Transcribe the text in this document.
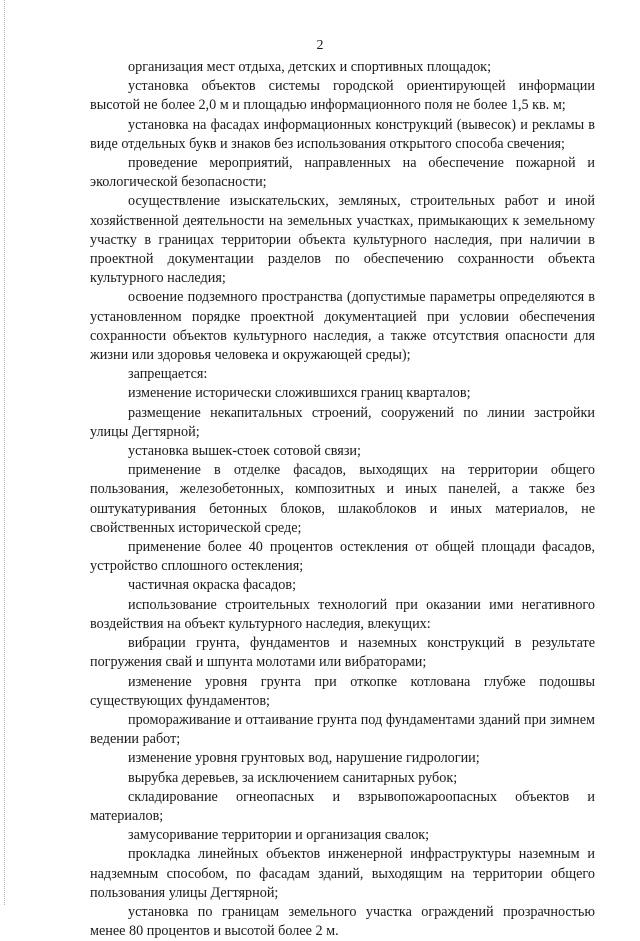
2

организация мест отдыха, детских и спортивных площадок;

установка объектов системы городской ориентирующей информации высотой не более 2,0 м и площадью информационного поля не более 1,5 кв. м;

установка на фасадах информационных конструкций (вывесок) и рекламы в виде отдельных букв и знаков без использования открытого способа свечения;

проведение мероприятий, направленных на обеспечение пожарной и экологической безопасности;

осуществление изыскательских, земляных, строительных работ и иной хозяйственной деятельности на земельных участках, примыкающих к земельному участку в границах территории объекта культурного наследия, при наличии в проектной документации разделов по обеспечению сохранности объекта культурного наследия;

освоение подземного пространства (допустимые параметры определяются в установленном порядке проектной документацией при условии обеспечения сохранности объектов культурного наследия, а также отсутствия опасности для жизни или здоровья человека и окружающей среды);

запрещается:

изменение исторически сложившихся границ кварталов;

размещение некапитальных строений, сооружений по линии застройки улицы Дегтярной;

установка вышек-стоек сотовой связи;

применение в отделке фасадов, выходящих на территории общего пользования, железобетонных, композитных и иных панелей, а также без оштукатуривания бетонных блоков, шлакоблоков и иных материалов, не свойственных исторической среде;

применение более 40 процентов остекления от общей площади фасадов, устройство сплошного остекления;

частичная окраска фасадов;

использование строительных технологий при оказании ими негативного воздействия на объект культурного наследия, влекущих:

вибрации грунта, фундаментов и наземных конструкций в результате погружения свай и шпунта молотами или вибраторами;

изменение уровня грунта при откопке котлована глубже подошвы существующих фундаментов;

промораживание и оттаивание грунта под фундаментами зданий при зимнем ведении работ;

изменение уровня грунтовых вод, нарушение гидрологии;

вырубка деревьев, за исключением санитарных рубок;

складирование огнеопасных и взрывопожароопасных объектов и материалов;

замусоривание территории и организация свалок;

прокладка линейных объектов инженерной инфраструктуры наземным и надземным способом, по фасадам зданий, выходящим на территории общего пользования улицы Дегтярной;

установка по границам земельного участка ограждений прозрачностью менее 80 процентов и высотой более 2 м.
